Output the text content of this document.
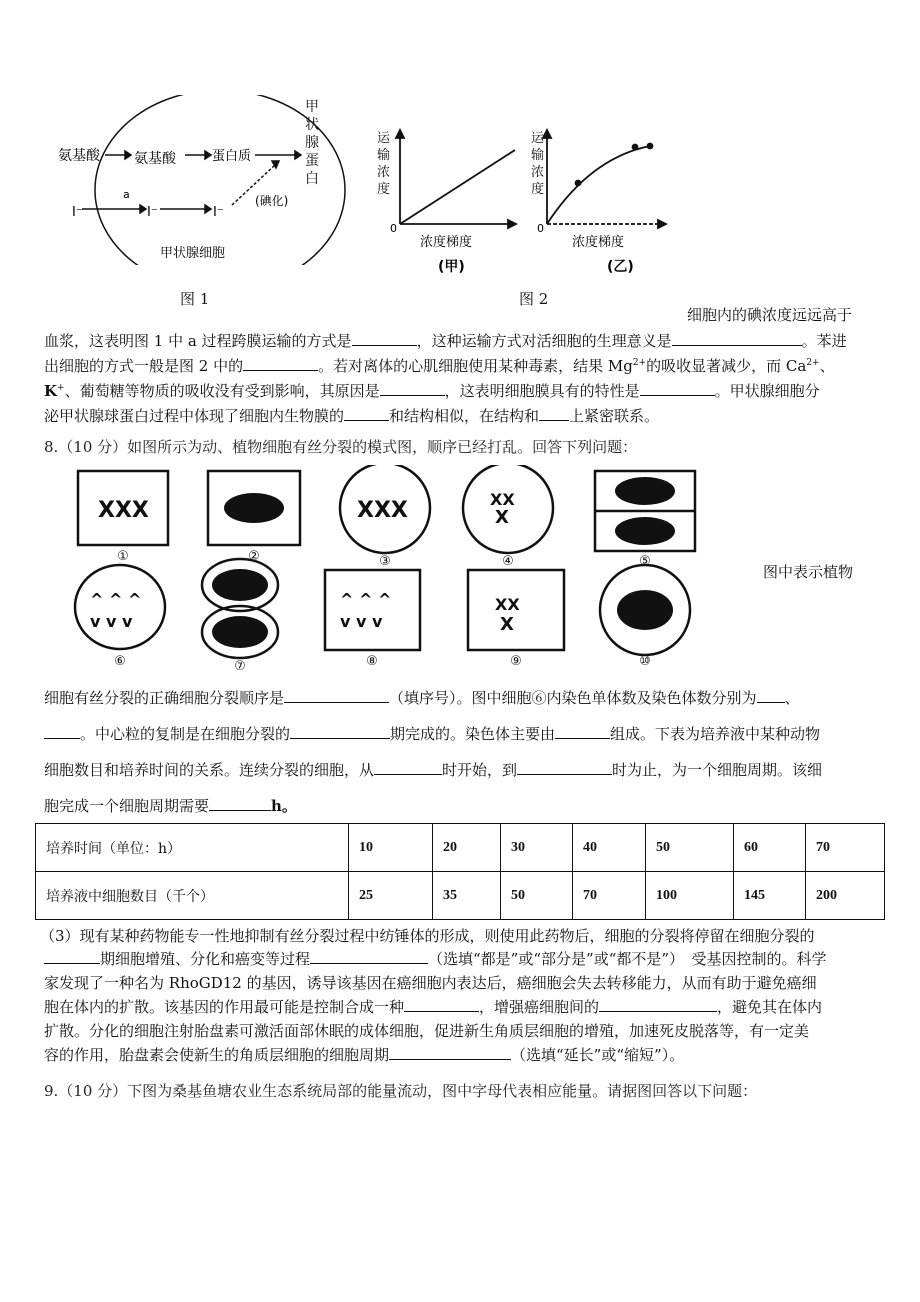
氨基酸 氨基酸	蛋白质
a
I⁻	I⁻	I⁻
(碘化)
甲状腺细胞
甲状腺蛋白
图 1
0	0
浓度梯度	浓度梯度
(甲)	(乙)
运输浓度
运输浓度
图 2
细胞内的碘浓度远远高于
血浆，这表明图 1 中 a 过程跨膜运输的方式是	，这种运输方式对活细胞的生理意义是	。苯进
出细胞的方式一般是图 2 中的	。若对离体的心肌细胞使用某种毒素，结果 $Mg^{2+}$的吸收显著减少，而 $Ca^{2+}$、
K+、葡萄糖等物质的吸收没有受到影响，其原因是	，这表明细胞膜具有的特性是	。甲状腺细胞分
泌甲状腺球蛋白过程中体现了细胞内生物膜的	和结构相似，在结构和 上紧密联系。
8.（10 分）如图所示为动、植物细胞有丝分裂的模式图，顺序已经打乱。回答下列问题：
XXX	XXX	XX
X
^ ^ ^
v v v
^ ^ ^
v v v
XX
X
①	②	③	④	⑤
⑥	⑦	⑧	⑨	⑩
图中表示植物
细胞有丝分裂的正确细胞分裂顺序是	（填序号）。图中细胞⑥内染色单体数及染色体数分别为 、
。中心粒的复制是在细胞分裂的	期完成的。染色体主要由	组成。下表为培养液中某种动物
细胞数目和培养时间的关系。连续分裂的细胞，从	时开始，到	时为止，为一个细胞周期。该细
胞完成一个细胞周期需要	h。
培养时间（单位：h）	10	20	30	40	50	60	70
培养液中细胞数目（千个）	25	35	50	70	100	145	200
（3）现有某种药物能专一性地抑制有丝分裂过程中纺锤体的形成，则使用此药物后，细胞的分裂将停留在细胞分裂的
期细胞增殖、分化和癌变等过程	（选填“都是”或“部分是”或“都不是”）　受基因控制的。科学
家发现了一种名为 RhoGD12 的基因，诱导该基因在癌细胞内表达后，癌细胞会失去转移能力，从而有助于避免癌细
胞在体内的扩散。该基因的作用最可能是控制合成一种	，增强癌细胞间的	，避免其在体内
扩散。分化的细胞注射胎盘素可激活面部休眠的成体细胞，促进新生角质层细胞的增殖，加速死皮脱落等，有一定美
容的作用，胎盘素会使新生的角质层细胞的细胞周期	（选填“延长”或“缩短”）。
9.（10 分）下图为桑基鱼塘农业生态系统局部的能量流动，图中字母代表相应能量。请据图回答以下问题：
